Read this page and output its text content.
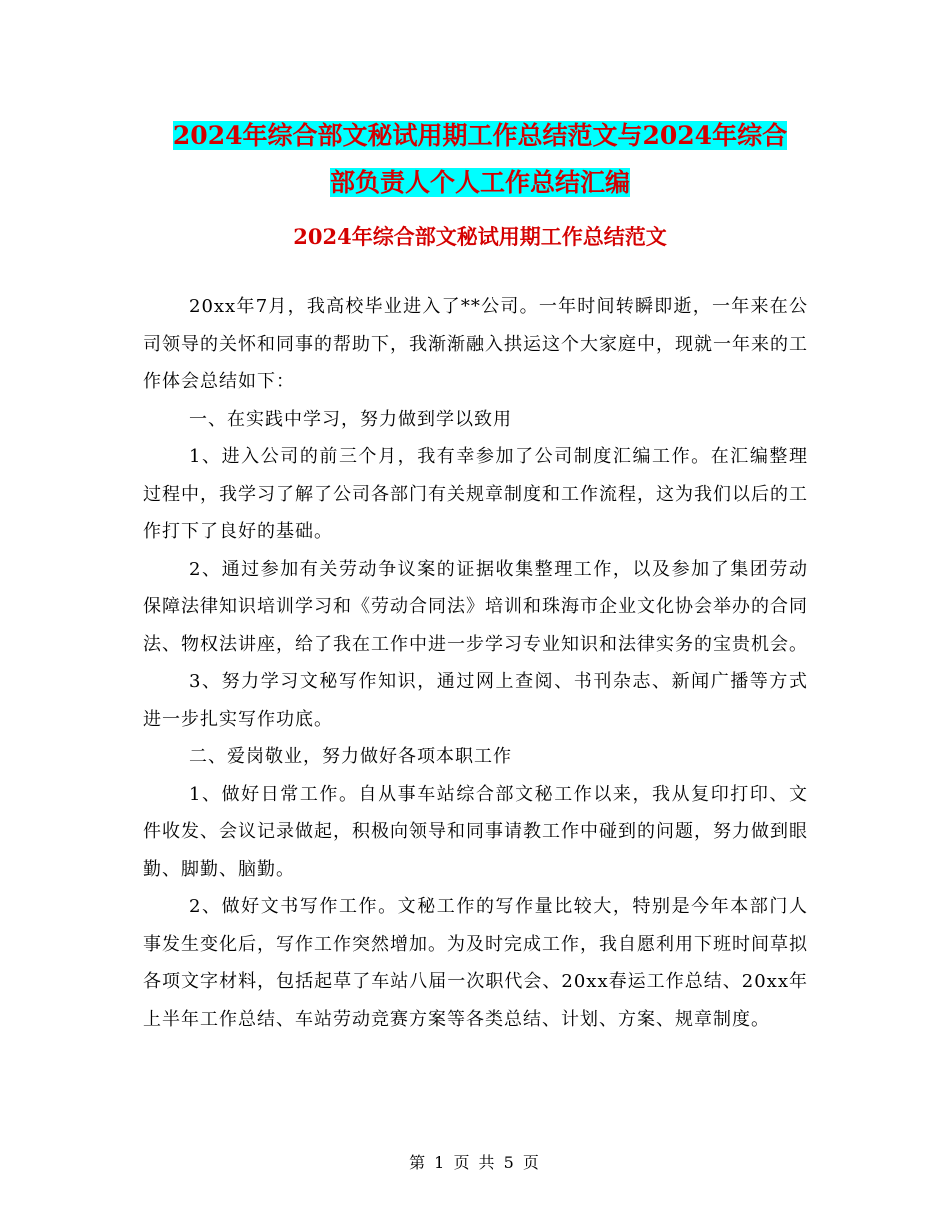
2024年综合部文秘试用期工作总结范文与2024年综合
部负责人个人工作总结汇编
2024年综合部文秘试用期工作总结范文

20xx年7月，我高校毕业进入了**公司。一年时间转瞬即逝，一年来在公司领导的关怀和同事的帮助下，我渐渐融入拱运这个大家庭中，现就一年来的工作体会总结如下：

一、在实践中学习，努力做到学以致用

1、进入公司的前三个月，我有幸参加了公司制度汇编工作。在汇编整理过程中，我学习了解了公司各部门有关规章制度和工作流程，这为我们以后的工作打下了良好的基础。

2、通过参加有关劳动争议案的证据收集整理工作，以及参加了集团劳动保障法律知识培训学习和《劳动合同法》培训和珠海市企业文化协会举办的合同法、物权法讲座，给了我在工作中进一步学习专业知识和法律实务的宝贵机会。

3、努力学习文秘写作知识，通过网上查阅、书刊杂志、新闻广播等方式进一步扎实写作功底。

二、爱岗敬业，努力做好各项本职工作

1、做好日常工作。自从事车站综合部文秘工作以来，我从复印打印、文件收发、会议记录做起，积极向领导和同事请教工作中碰到的问题，努力做到眼勤、脚勤、脑勤。

2、做好文书写作工作。文秘工作的写作量比较大，特别是今年本部门人事发生变化后，写作工作突然增加。为及时完成工作，我自愿利用下班时间草拟各项文字材料，包括起草了车站八届一次职代会、20xx春运工作总结、20xx年上半年工作总结、车站劳动竞赛方案等各类总结、计划、方案、规章制度。

第 1 页 共 5 页
